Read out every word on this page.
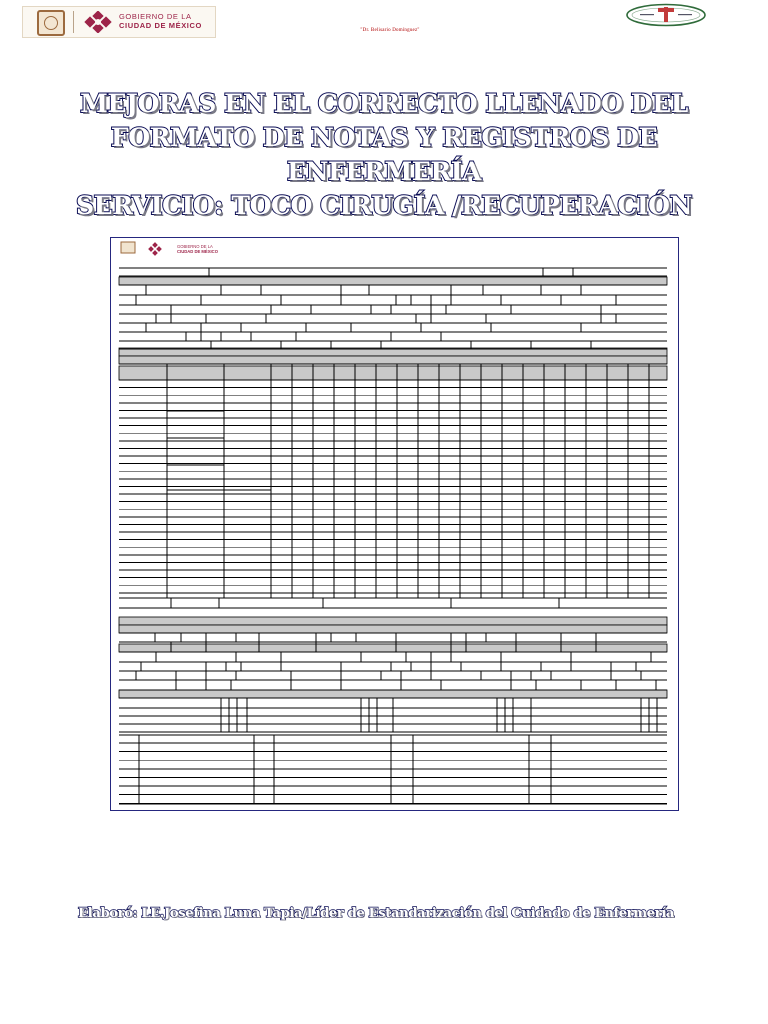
GOBIERNO DE LA
CIUDAD DE MÉXICO
"Dr. Belisario Domínguez"
MEJORAS EN EL CORRECTO LLENADO DEL
FORMATO DE NOTAS Y REGISTROS DE
ENFERMERÍA
SERVICIO: TOCO CIRUGÍA /RECUPERACIÓN
GOBIERNO DE LA
CIUDAD DE MÉXICO

Elaboró: LE.Josefina Luna Tapia/Líder de Estandarización del Cuidado de Enfermería
